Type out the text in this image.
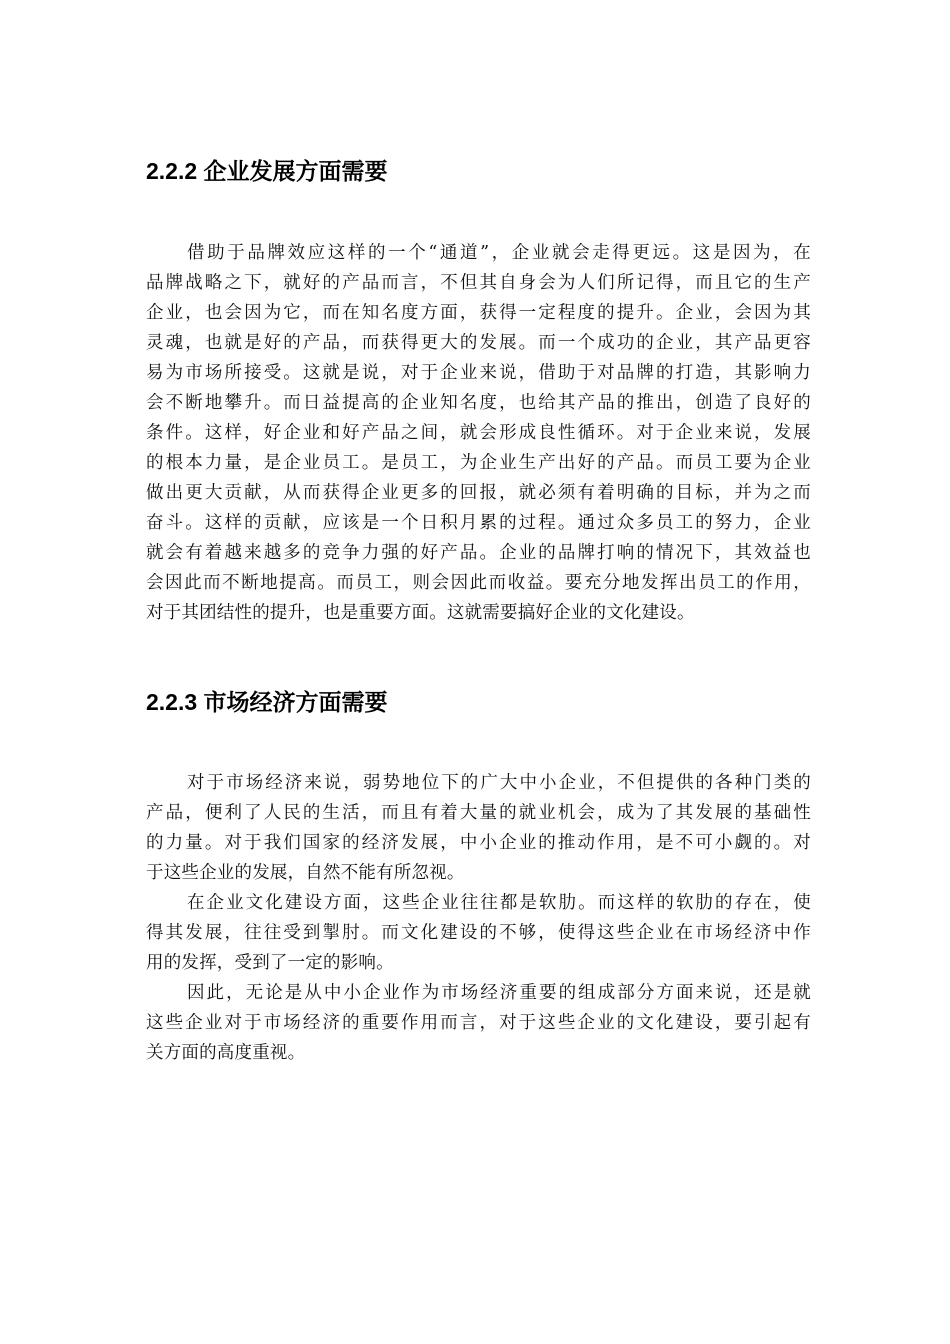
2.2.2 企业发展方面需要

借助于品牌效应这样的一个“通道”，企业就会走得更远。这是因为，在

品牌战略之下，就好的产品而言，不但其自身会为人们所记得，而且它的生产

企业，也会因为它，而在知名度方面，获得一定程度的提升。企业，会因为其

灵魂，也就是好的产品，而获得更大的发展。而一个成功的企业，其产品更容

易为市场所接受。这就是说，对于企业来说，借助于对品牌的打造，其影响力

会不断地攀升。而日益提高的企业知名度，也给其产品的推出，创造了良好的

条件。这样，好企业和好产品之间，就会形成良性循环。对于企业来说，发展

的根本力量，是企业员工。是员工，为企业生产出好的产品。而员工要为企业

做出更大贡献，从而获得企业更多的回报，就必须有着明确的目标，并为之而

奋斗。这样的贡献，应该是一个日积月累的过程。通过众多员工的努力，企业

就会有着越来越多的竞争力强的好产品。企业的品牌打响的情况下，其效益也

会因此而不断地提高。而员工，则会因此而收益。要充分地发挥出员工的作用，

对于其团结性的提升，也是重要方面。这就需要搞好企业的文化建设。

2.2.3 市场经济方面需要

对于市场经济来说，弱势地位下的广大中小企业，不但提供的各种门类的

产品，便利了人民的生活，而且有着大量的就业机会，成为了其发展的基础性

的力量。对于我们国家的经济发展，中小企业的推动作用，是不可小觑的。对

于这些企业的发展，自然不能有所忽视。

在企业文化建设方面，这些企业往往都是软肋。而这样的软肋的存在，使

得其发展，往往受到掣肘。而文化建设的不够，使得这些企业在市场经济中作

用的发挥，受到了一定的影响。

因此，无论是从中小企业作为市场经济重要的组成部分方面来说，还是就

这些企业对于市场经济的重要作用而言，对于这些企业的文化建设，要引起有

关方面的高度重视。
